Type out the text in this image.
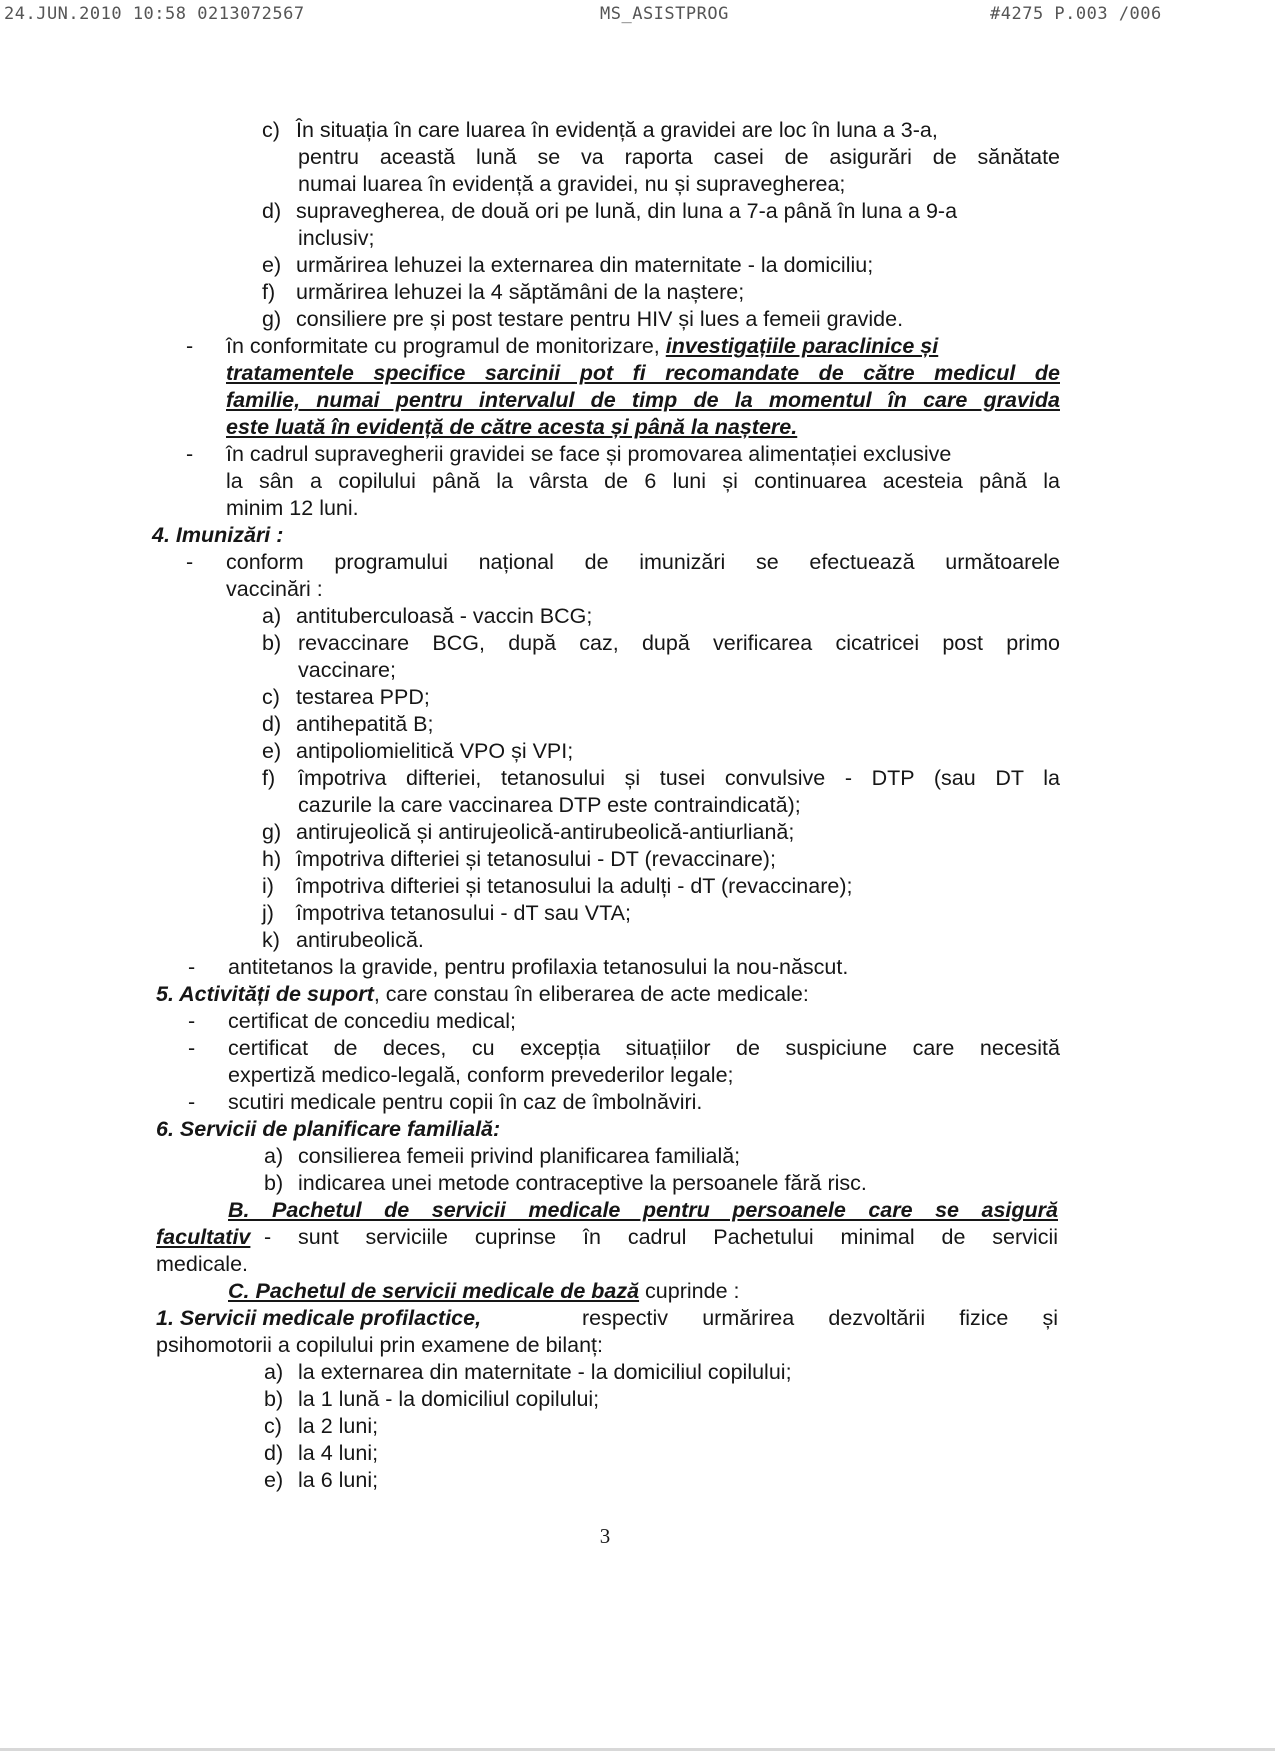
24.JUN.2010 10:58 0213072567	MS_ASISTPROG	#4275 P.003 /006
c) În situația în care luarea în evidență a gravidei are loc în luna a 3-a,
pentru această lună se va raporta casei de asigurări de sănătate
numai luarea în evidență a gravidei, nu și supravegherea;
d) supravegherea, de două ori pe lună, din luna a 7-a până în luna a 9-a
inclusiv;
e) urmărirea lehuzei la externarea din maternitate - la domiciliu;
f) urmărirea lehuzei la 4 săptămâni de la naștere;
g) consiliere pre și post testare pentru HIV și lues a femeii gravide.
- în conformitate cu programul de monitorizare, investigațiile paraclinice și
tratamentele specifice sarcinii pot fi recomandate de către medicul de
familie, numai pentru intervalul de timp de la momentul în care gravida
este luată în evidență de către acesta și până la naștere.
- în cadrul supravegherii gravidei se face și promovarea alimentației exclusive
la sân a copilului până la vârsta de 6 luni și continuarea acesteia până la
minim 12 luni.
4. Imunizări :
-	conform programului național de imunizări se efectuează următoarele
vaccinări :
a) antituberculoasă - vaccin BCG;
b) revaccinare BCG, după caz, după verificarea cicatricei post primo
vaccinare;
c) testarea PPD;
d) antihepatită B;
e) antipoliomielitică VPO și VPI;
f)	împotriva difteriei, tetanosului și tusei convulsive - DTP (sau DT la
cazurile la care vaccinarea DTP este contraindicată);
g) antirujeolică și antirujeolică-antirubeolică-antiurliană;
h) împotriva difteriei și tetanosului - DT (revaccinare);
i) împotriva difteriei și tetanosului la adulți - dT (revaccinare);
j) împotriva tetanosului - dT sau VTA;
k) antirubeolică.
- antitetanos la gravide, pentru profilaxia tetanosului la nou-născut.
5. Activități de suport, care constau în eliberarea de acte medicale:
- certificat de concediu medical;
-	certificat de deces, cu excepția situațiilor de suspiciune care necesită
expertiză medico-legală, conform prevederilor legale;
- scutiri medicale pentru copii în caz de îmbolnăviri.
6. Servicii de planificare familială:
a) consilierea femeii privind planificarea familială;
b) indicarea unei metode contraceptive la persoanele fără risc.
B. Pachetul de servicii medicale pentru persoanele care se asigură
facultativ - sunt serviciile cuprinse în cadrul Pachetului minimal de servicii
medicale.
C. Pachetul de servicii medicale de bază cuprinde :
1. Servicii medicale profilactice,	respectiv urmărirea dezvoltării fizice și
psihomotorii a copilului prin examene de bilanț:
a) la externarea din maternitate - la domiciliul copilului;
b) la 1 lună - la domiciliul copilului;
c) la 2 luni;
d) la 4 luni;
e) la 6 luni;
3
